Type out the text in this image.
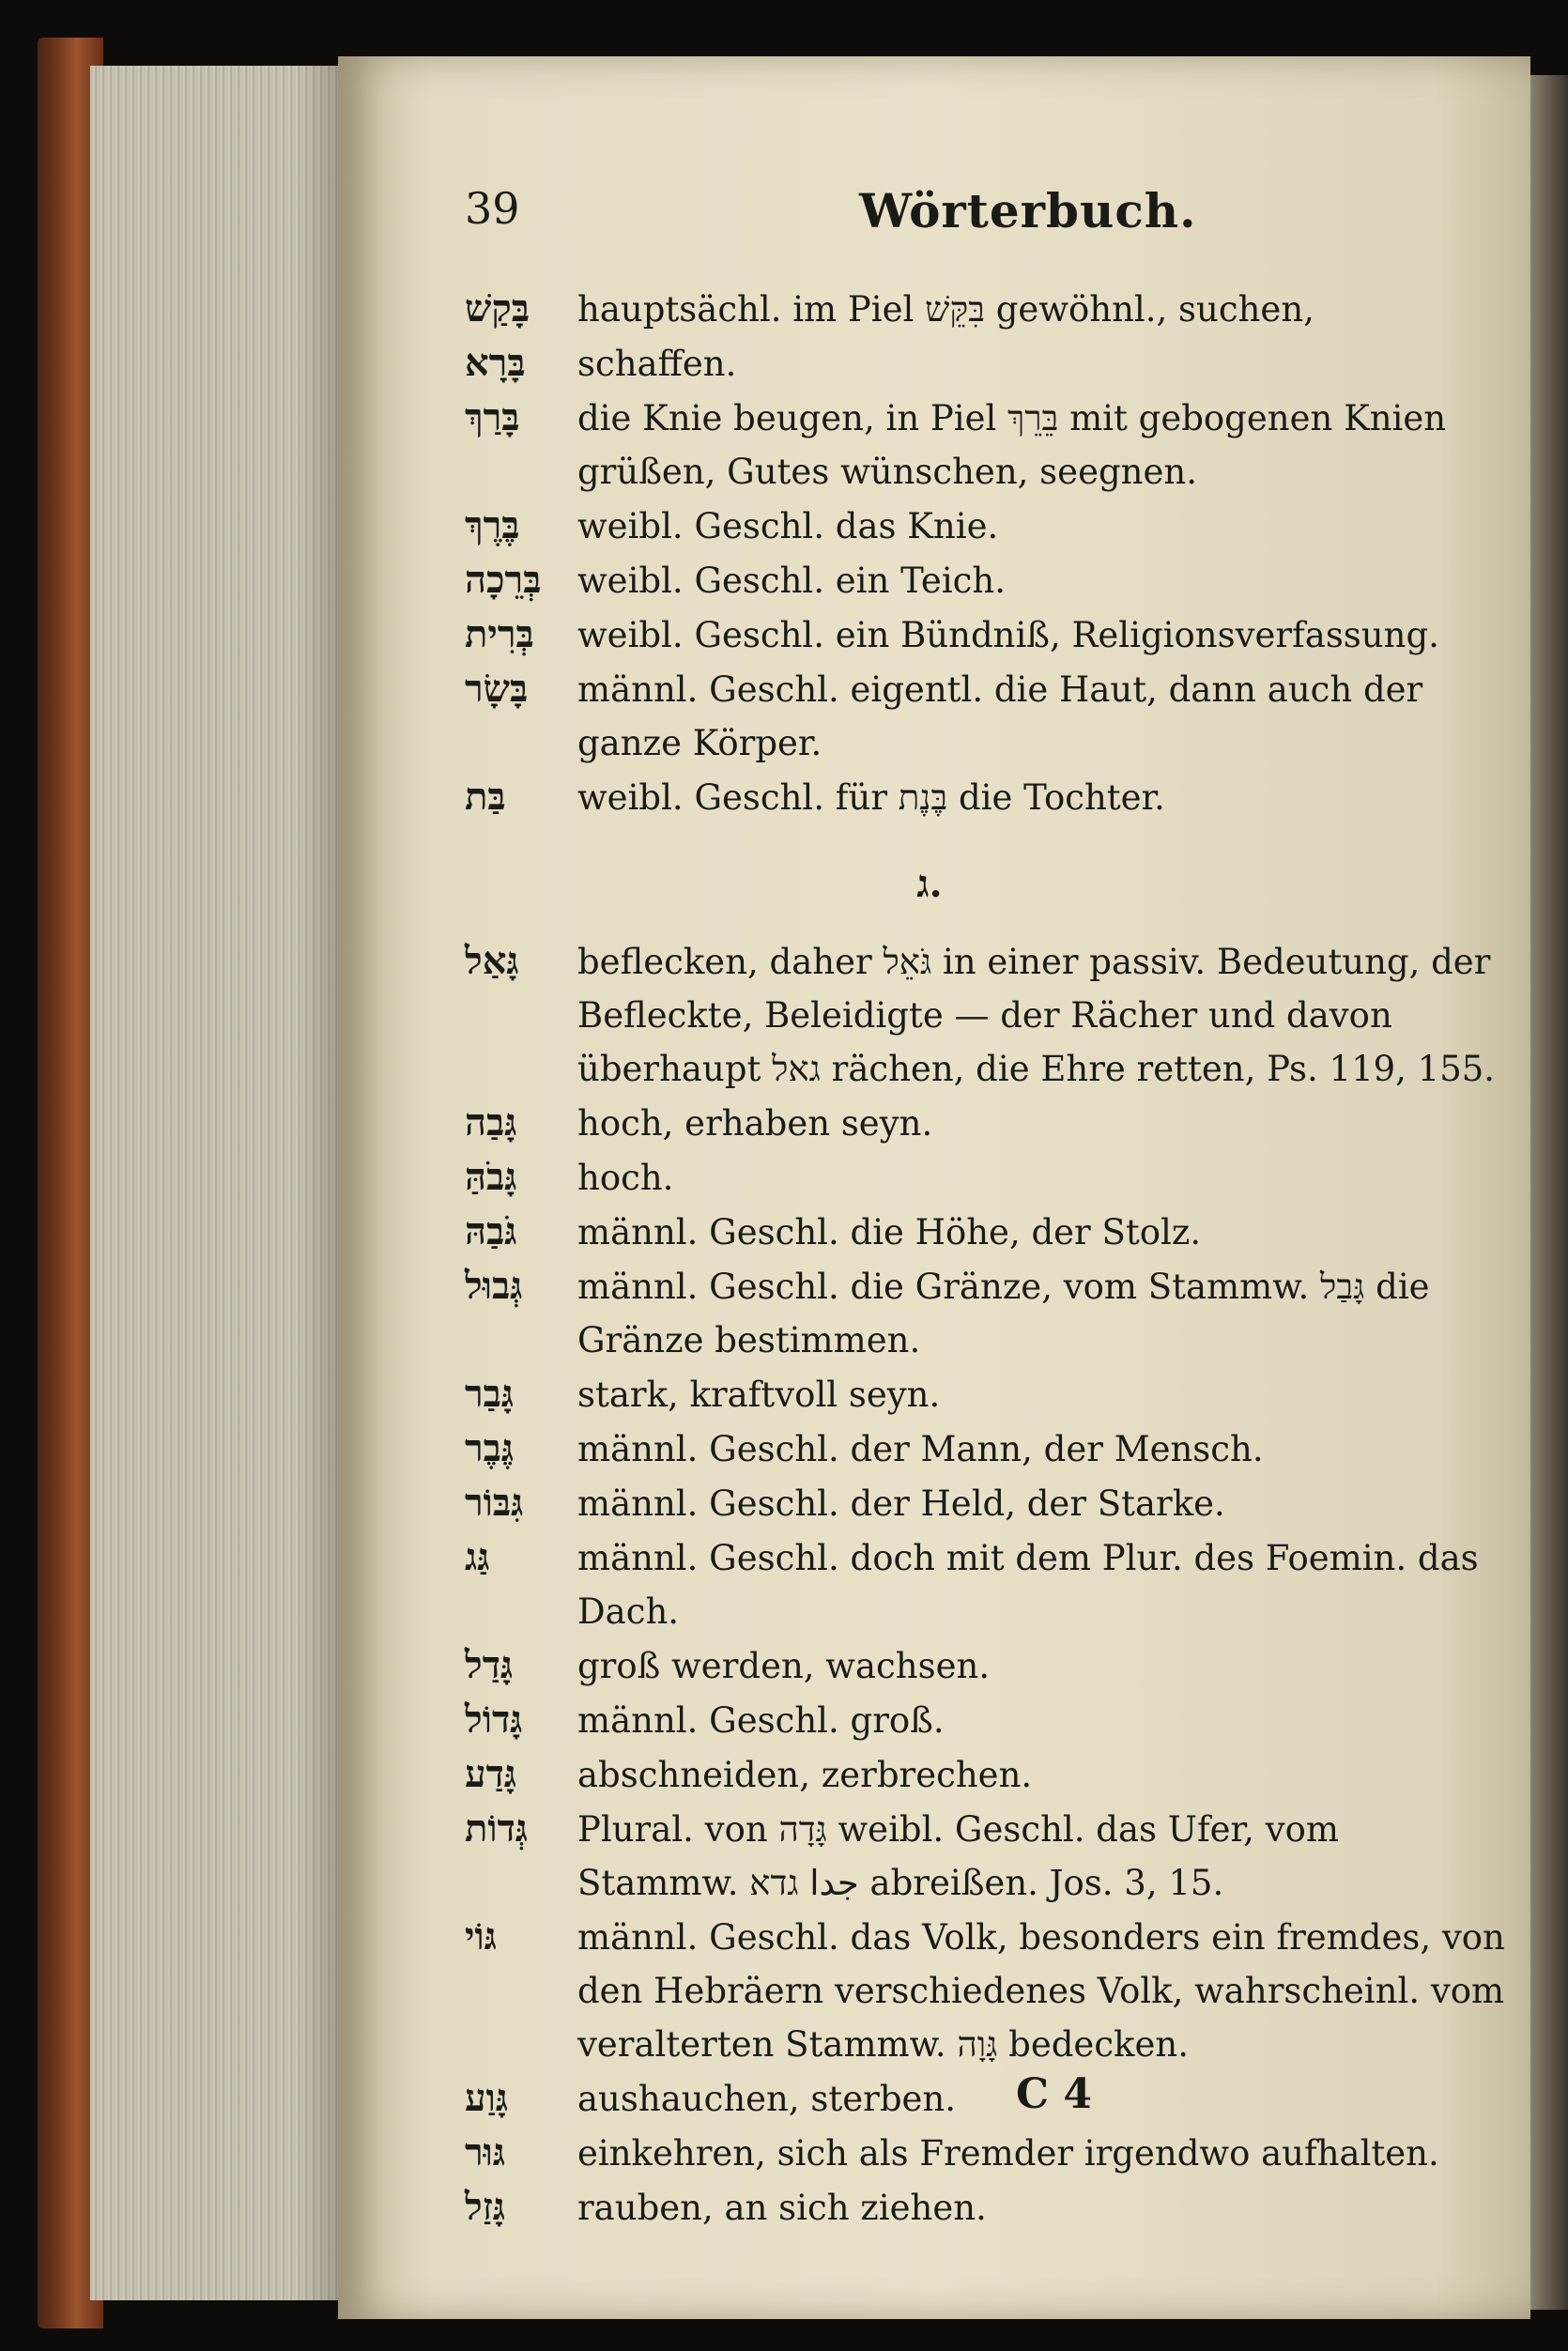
39	Wörterbuch.

בָּקַשׁ hauptsächl. im Piel בִּקֵּשׁ gewöhnl., suchen,

בָּרָא schaffen.

בָּרַךְ die Knie beugen, in Piel בֵּרֵךְ mit gebogenen Knien grüßen, Gutes wünschen, seegnen.

בֶּרֶךְ weibl. Geschl. das Knie.

בְּרֵכָה weibl. Geschl. ein Teich.

בְּרִית weibl. Geschl. ein Bündniß, Religionsverfassung.

בָּשָׂר männl. Geschl. eigentl. die Haut, dann auch der ganze Körper.

בַּת weibl. Geschl. für בֶּנֶת die Tochter.

ג.

גָּאַל beflecken, daher גֹּאֵל in einer passiv. Bedeutung, der Befleckte, Beleidigte — der Rächer und davon überhaupt גאל rächen, die Ehre retten, Ps. 119, 155.

גָּבַה hoch, erhaben seyn.

גָּבֹהַּ hoch.

גֹּבַהּ männl. Geschl. die Höhe, der Stolz.

גְּבוּל männl. Geschl. die Gränze, vom Stammw. גָּבַל die Gränze bestimmen.

גָּבַר stark, kraftvoll seyn.

גֶּבֶר männl. Geschl. der Mann, der Mensch.

גִּבּוֹר männl. Geschl. der Held, der Starke.

גַּג	männl. Geschl. doch mit dem Plur. des Foemin. das Dach.

גָּדַל groß werden, wachsen.

גָּדוֹל männl. Geschl. groß.

גָּדַע abschneiden, zerbrechen.

גְּדוֹת Plural. von גָּדָה weibl. Geschl. das Ufer, vom Stammw. جدا גדא abreißen. Jos. 3, 15.

גּוֹי männl. Geschl. das Volk, besonders ein fremdes, von den Hebräern verschiedenes Volk, wahrscheinl. vom veralterten Stammw. גָּוָה bedecken.

גָּוַע aushauchen, sterben.

גּוּר einkehren, sich als Fremder irgendwo aufhalten.

גָּזַל rauben, an sich ziehen.

C 4
